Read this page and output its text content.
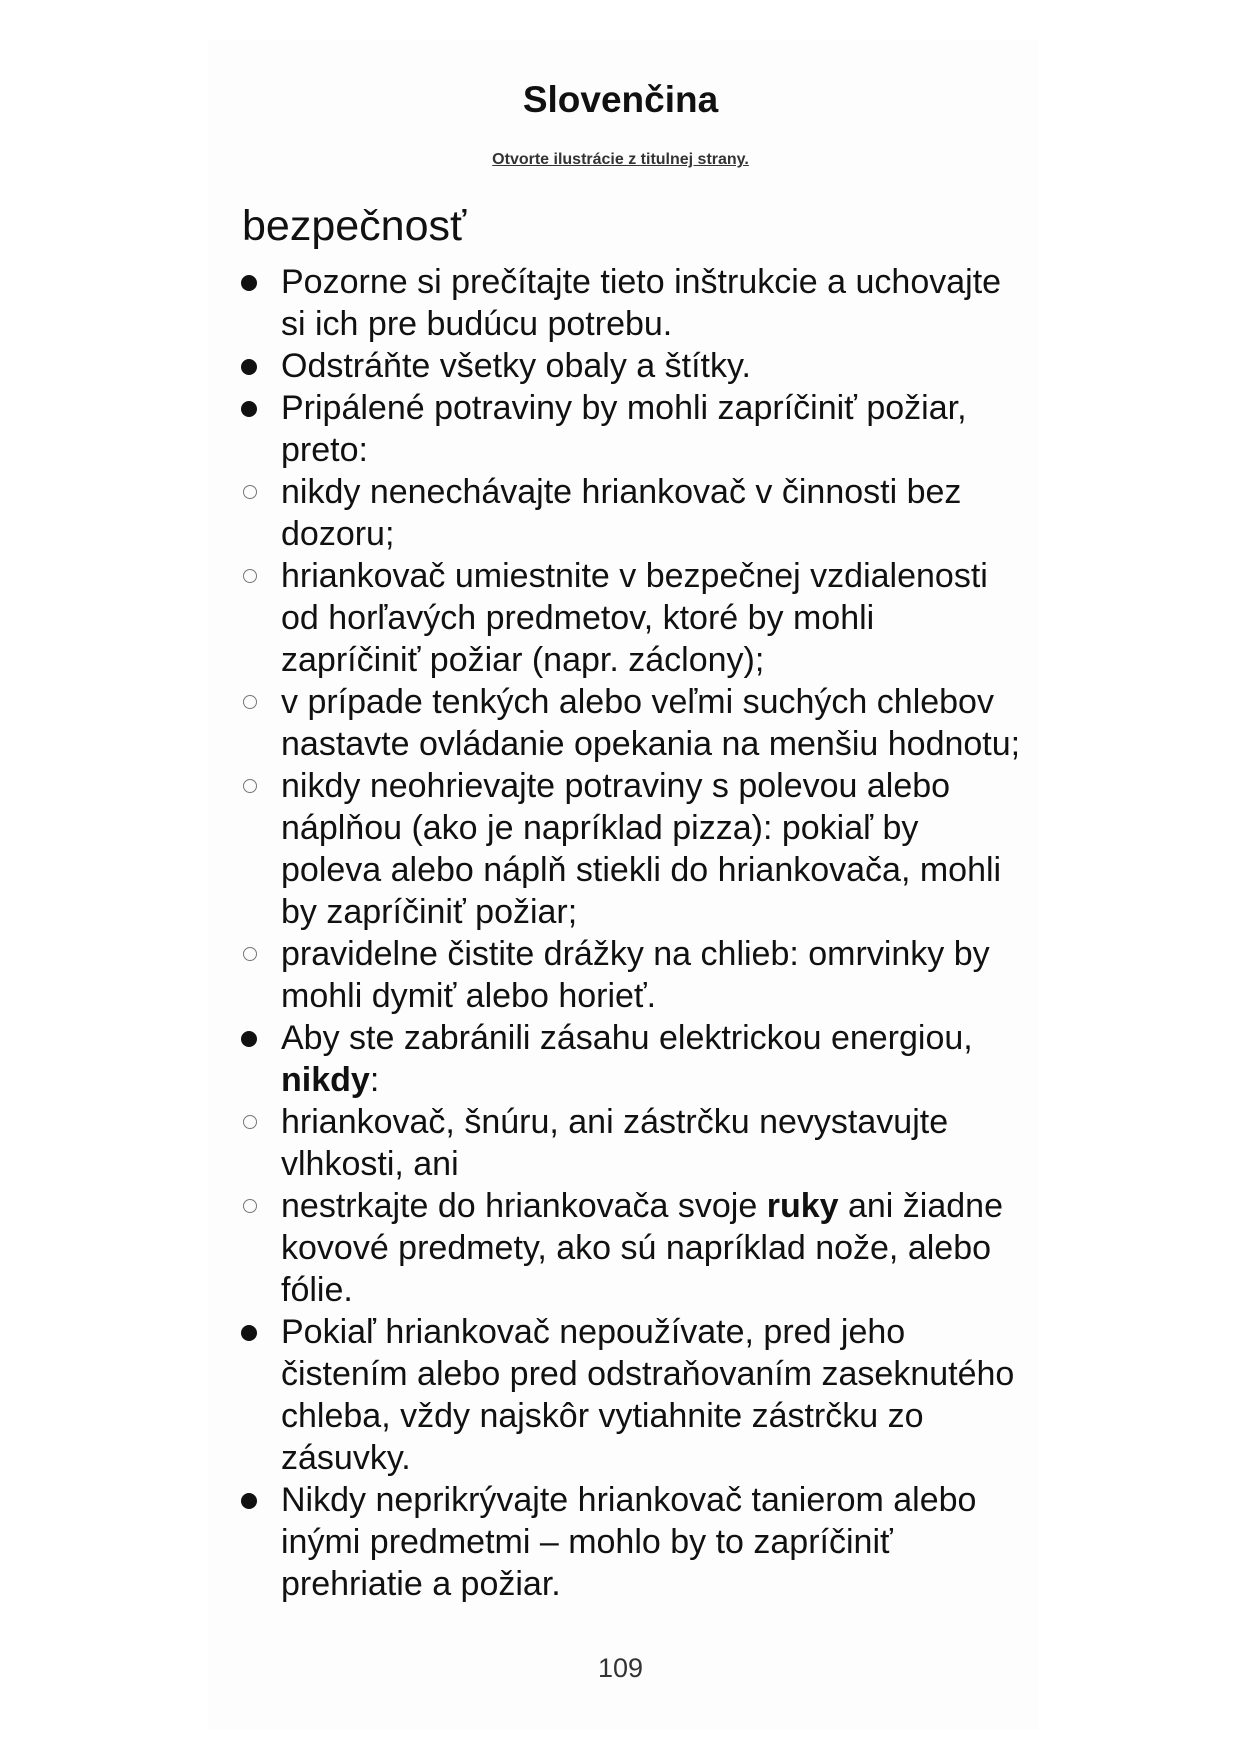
Slovenčina
Otvorte ilustrácie z titulnej strany.
bezpečnosť
Pozorne si prečítajte tieto inštrukcie a uchovajte si ich pre budúcu potrebu.
Odstráňte všetky obaly a štítky.
Pripálené potraviny by mohli zapríčiniť požiar, preto:
nikdy nenechávajte hriankovač v činnosti bez dozoru;
hriankovač umiestnite v bezpečnej vzdialenosti od horľavých predmetov, ktoré by mohli zapríčiniť požiar (napr. záclony);
v prípade tenkých alebo veľmi suchých chlebov nastavte ovládanie opekania na menšiu hodnotu;
nikdy neohrievajte potraviny s polevou alebo náplňou (ako je napríklad pizza): pokiaľ by poleva alebo náplň stiekli do hriankovača, mohli by zapríčiniť požiar;
pravidelne čistite drážky na chlieb: omrvinky by mohli dymiť alebo horieť.
Aby ste zabránili zásahu elektrickou energiou, nikdy:
hriankovač, šnúru, ani zástrčku nevystavujte vlhkosti, ani
nestrkajte do hriankovača svoje ruky ani žiadne kovové predmety, ako sú napríklad nože, alebo fólie.
Pokiaľ hriankovač nepoužívate, pred jeho čistením alebo pred odstraňovaním zaseknutého chleba, vždy najskôr vytiahnite zástrčku zo zásuvky.
Nikdy neprikrývajte hriankovač tanierom alebo inými predmetmi – mohlo by to zapríčiniť prehriatie a požiar.
109
